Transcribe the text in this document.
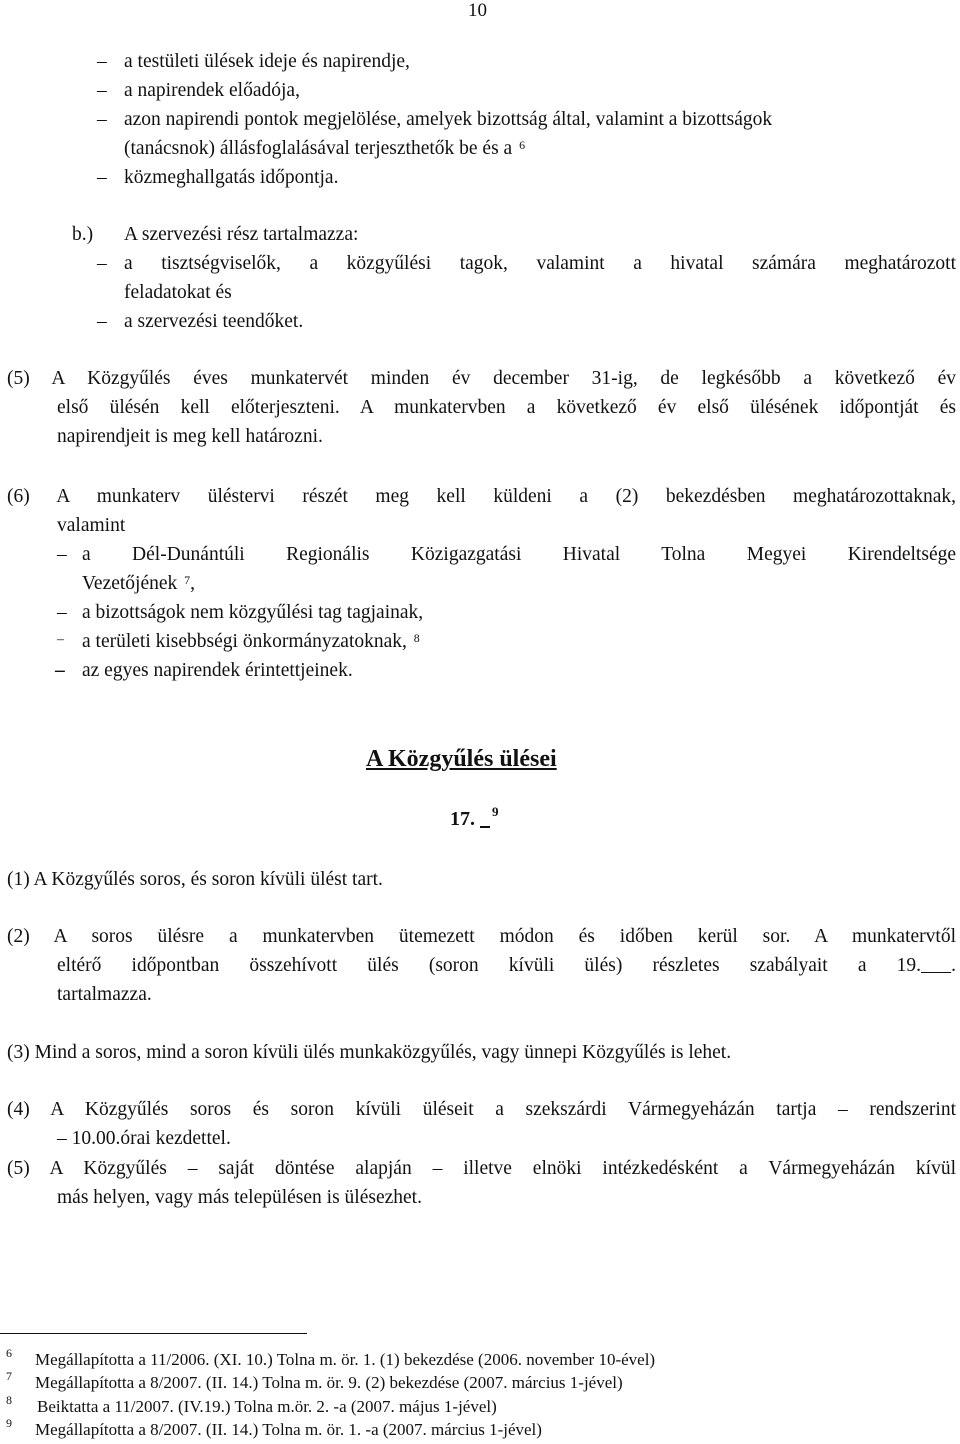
10
– a testületi ülések ideje és napirendje,
– a napirendek előadója,
– azon napirendi pontok megjelölése, amelyek bizottság által, valamint a bizottságok
(tanácsnok) állásfoglalásával terjeszthetők be és a $^6$
– közmeghallgatás időpontja.
b.) A szervezési rész tartalmazza:
– a tisztségviselők, a közgyűlési tagok, valamint a hivatal számára meghatározott
feladatokat és
– a szervezési teendőket.
(5) A Közgyűlés éves munkatervét minden év december 31-ig, de legkésőbb a következő év
első ülésén kell előterjeszteni. A munkatervben a következő év első ülésének időpontját és
napirendjeit is meg kell határozni.
(6) A munkaterv üléstervi részét meg kell küldeni a (2) bekezdésben meghatározottaknak,
valamint
– a Dél-Dunántúli Regionális Közigazgatási Hivatal Tolna Megyei Kirendeltsége
Vezetőjének $^7$,
– a bizottságok nem közgyűlési tag tagjainak,
– a területi kisebbségi önkormányzatoknak, $^8$
– az egyes napirendek érintettjeinek.
A Közgyűlés ülései
17. $^9$
(1) A Közgyűlés soros, és soron kívüli ülést tart.
(2) A soros ülésre a munkatervben ütemezett módon és időben kerül sor. A munkatervtől
eltérő időpontban összehívott ülés (soron kívüli ülés) részletes szabályait a 19. .
tartalmazza.
(3) Mind a soros, mind a soron kívüli ülés munkaközgyűlés, vagy ünnepi Közgyűlés is lehet.
(4) A Közgyűlés soros és soron kívüli üléseit a szekszárdi Vármegyeházán tartja – rendszerint
– 10.00.órai kezdettel.
(5) A Közgyűlés – saját döntése alapján – illetve elnöki intézkedésként a Vármegyeházán kívül
más helyen, vagy más településen is ülésezhet.
6 Megállapította a 11/2006. (XI. 10.) Tolna m. ör. 1. (1) bekezdése (2006. november 10-ével)
7 Megállapította a 8/2007. (II. 14.) Tolna m. ör. 9. (2) bekezdése (2007. március 1-jével)
8 Beiktatta a 11/2007. (IV.19.) Tolna m.ör. 2. -a (2007. május 1-jével)
9 Megállapította a 8/2007. (II. 14.) Tolna m. ör. 1. -a (2007. március 1-jével)
